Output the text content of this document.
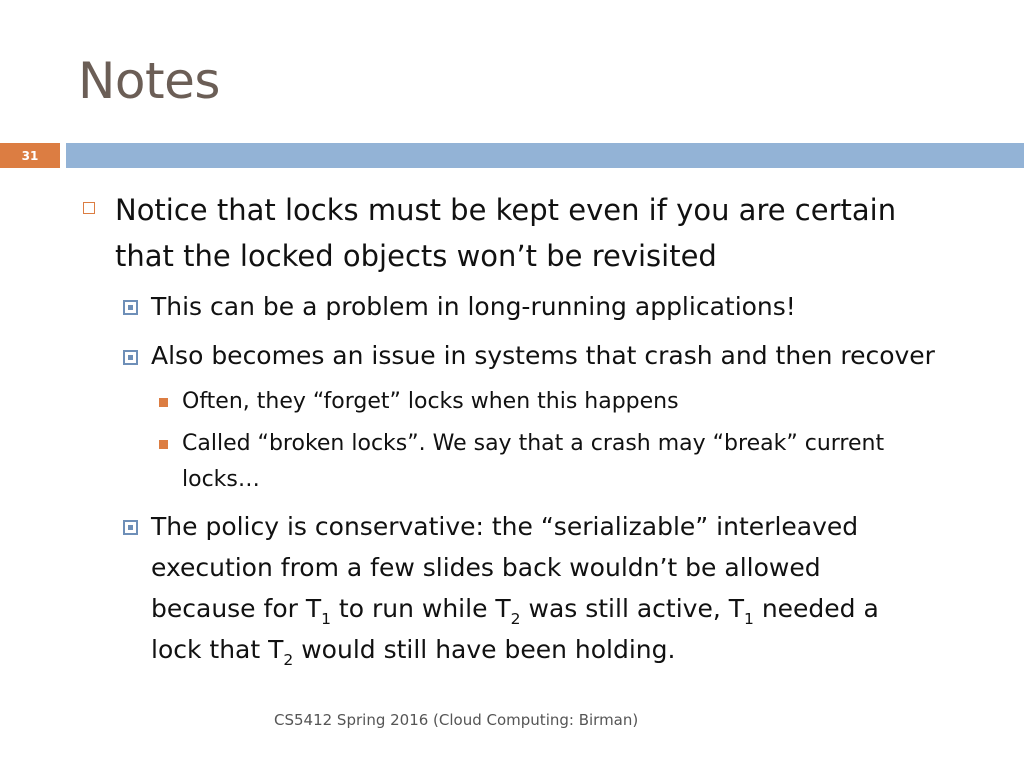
Notes
31
Notice that locks must be kept even if you are certain
that the locked objects won’t be revisited
This can be a problem in long-running applications!
Also becomes an issue in systems that crash and then recover
Often, they “forget” locks when this happens
Called “broken locks”. We say that a crash may “break” current
locks…
The policy is conservative: the “serializable” interleaved
execution from a few slides back wouldn’t be allowed
because for $T_1$ to run while $T_2$ was still active, $T_1$ needed a
lock that $T_2$ would still have been holding.
CS5412 Spring 2016 (Cloud Computing: Birman)
